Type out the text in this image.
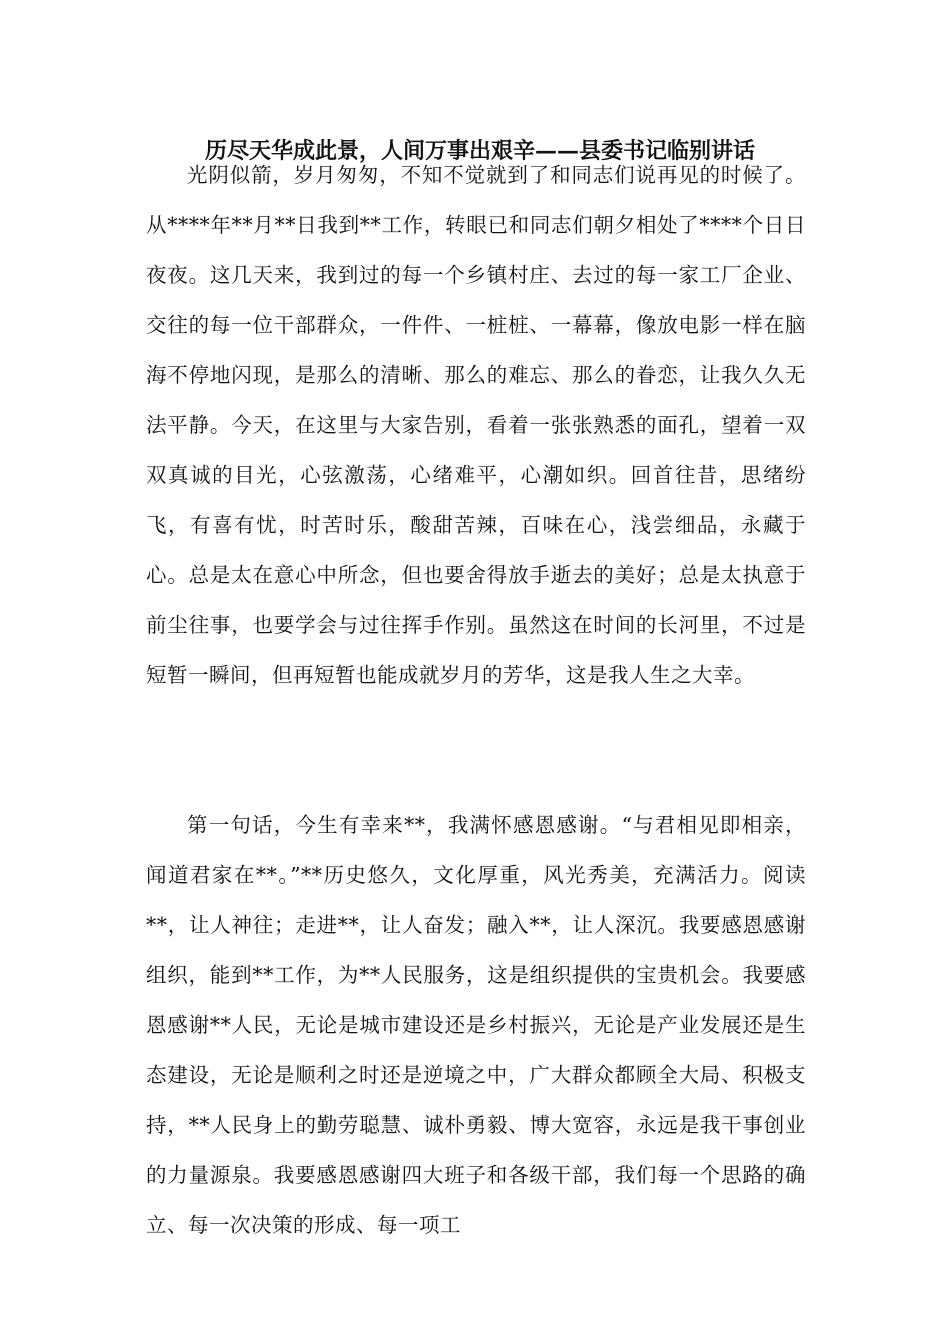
历尽天华成此景，人间万事出艰辛——县委书记临别讲话

光阴似箭，岁月匆匆，不知不觉就到了和同志们说再见的时候了。从****年**月**日我到**工作，转眼已和同志们朝夕相处了****个日日夜夜。这几天来，我到过的每一个乡镇村庄、去过的每一家工厂企业、交往的每一位干部群众，一件件、一桩桩、一幕幕，像放电影一样在脑海不停地闪现，是那么的清晰、那么的难忘、那么的眷恋，让我久久无法平静。今天，在这里与大家告别，看着一张张熟悉的面孔，望着一双双真诚的目光，心弦激荡，心绪难平，心潮如织。回首往昔，思绪纷飞，有喜有忧，时苦时乐，酸甜苦辣，百味在心，浅尝细品，永藏于心。总是太在意心中所念，但也要舍得放手逝去的美好；总是太执意于前尘往事，也要学会与过往挥手作别。虽然这在时间的长河里，不过是短暂一瞬间，但再短暂也能成就岁月的芳华，这是我人生之大幸。

第一句话，今生有幸来**，我满怀感恩感谢。“与君相见即相亲，闻道君家在**。”**历史悠久，文化厚重，风光秀美，充满活力。阅读**，让人神往；走进**，让人奋发；融入**，让人深沉。我要感恩感谢组织，能到**工作，为**人民服务，这是组织提供的宝贵机会。我要感恩感谢**人民，无论是城市建设还是乡村振兴，无论是产业发展还是生态建设，无论是顺利之时还是逆境之中，广大群众都顾全大局、积极支持，**人民身上的勤劳聪慧、诚朴勇毅、博大宽容，永远是我干事创业的力量源泉。我要感恩感谢四大班子和各级干部，我们每一个思路的确立、每一次决策的形成、每一项工
